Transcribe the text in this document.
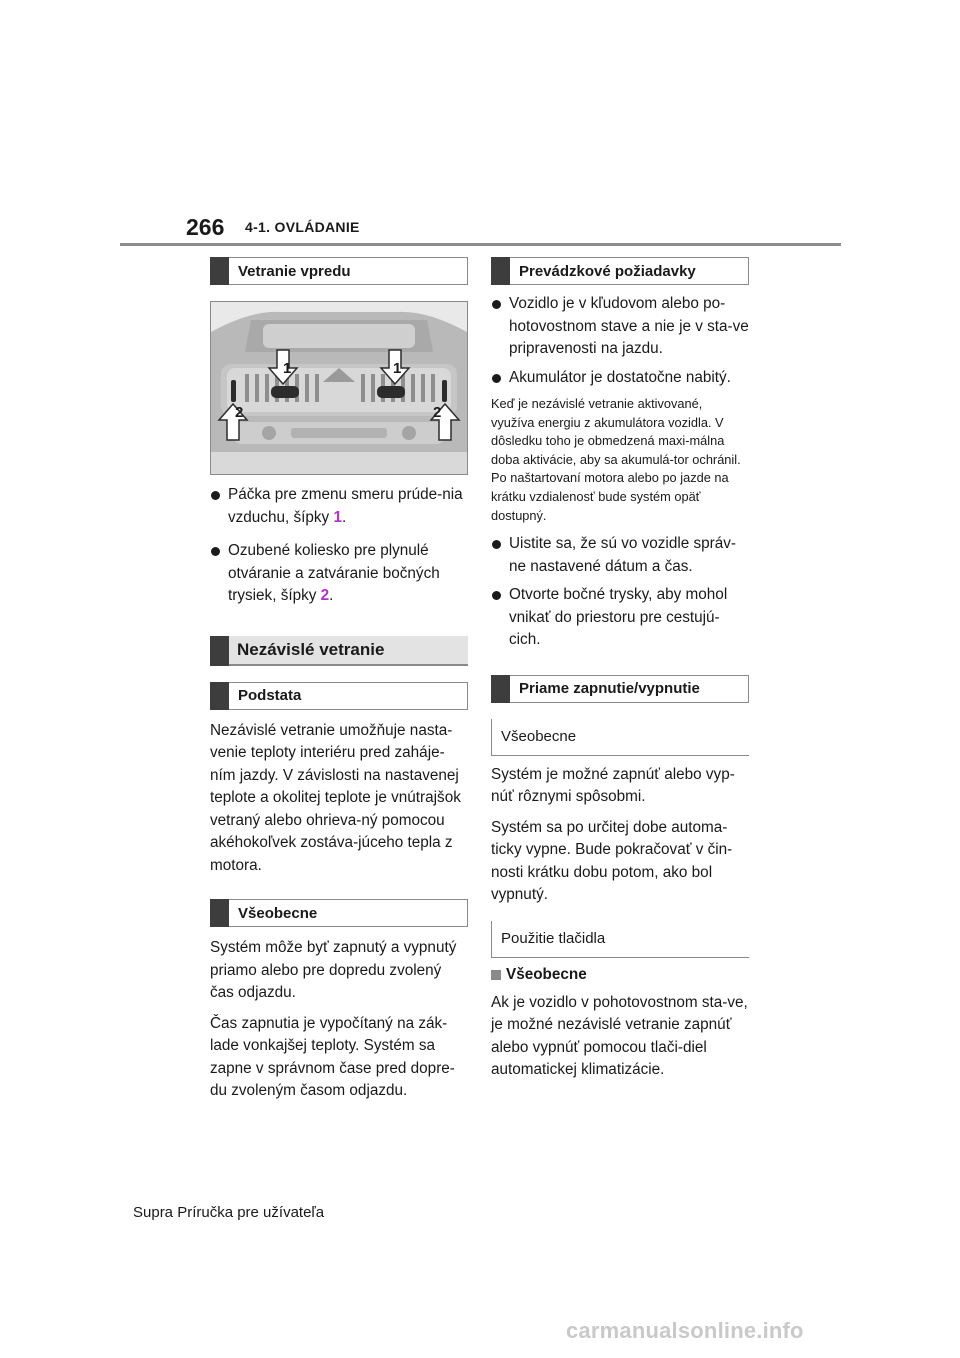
266 4-1. OVLÁDANIE
Vetranie vpredu
1	1
2	2
Páčka pre zmenu smeru prúde-nia vzduchu, šípky 1.
Ozubené koliesko pre plynulé otváranie a zatváranie bočných trysiek, šípky 2.
Nezávislé vetranie
Podstata

Nezávislé vetranie umožňuje nasta-venie teploty interiéru pred zaháje-ním jazdy. V závislosti na nastavenej teplote a okolitej teplote je vnútrajšok vetraný alebo ohrieva-ný pomocou akéhokoľvek zostáva-júceho tepla z motora.

Všeobecne

Systém môže byť zapnutý a vypnutý priamo alebo pre dopredu zvolený čas odjazdu.

Čas zapnutia je vypočítaný na zák-lade vonkajšej teploty. Systém sa zapne v správnom čase pred dopre-du zvoleným časom odjazdu.

Prevádzkové požiadavky
Vozidlo je v kľudovom alebo po-hotovostnom stave a nie je v sta-ve pripravenosti na jazdu.
Akumulátor je dostatočne nabitý.

Keď je nezávislé vetranie aktivované, využíva energiu z akumulátora vozidla. V dôsledku toho je obmedzená maxi-málna doba aktivácie, aby sa akumulá-tor ochránil. Po naštartovaní motora alebo po jazde na krátku vzdialenosť bude systém opäť dostupný.

Uistite sa, že sú vo vozidle správ-ne nastavené dátum a čas.
Otvorte bočné trysky, aby mohol vnikať do priestoru pre cestujú-cich.
Priame zapnutie/vypnutie
Všeobecne

Systém je možné zapnúť alebo vyp-núť rôznymi spôsobmi.

Systém sa po určitej dobe automa-ticky vypne. Bude pokračovať v čin-nosti krátku dobu potom, ako bol vypnutý.

Použitie tlačidla
Všeobecne

Ak je vozidlo v pohotovostnom sta-ve, je možné nezávislé vetranie zapnúť alebo vypnúť pomocou tlači-diel automatickej klimatizácie.

Supra Príručka pre užívateľa
carmanualsonline.info
